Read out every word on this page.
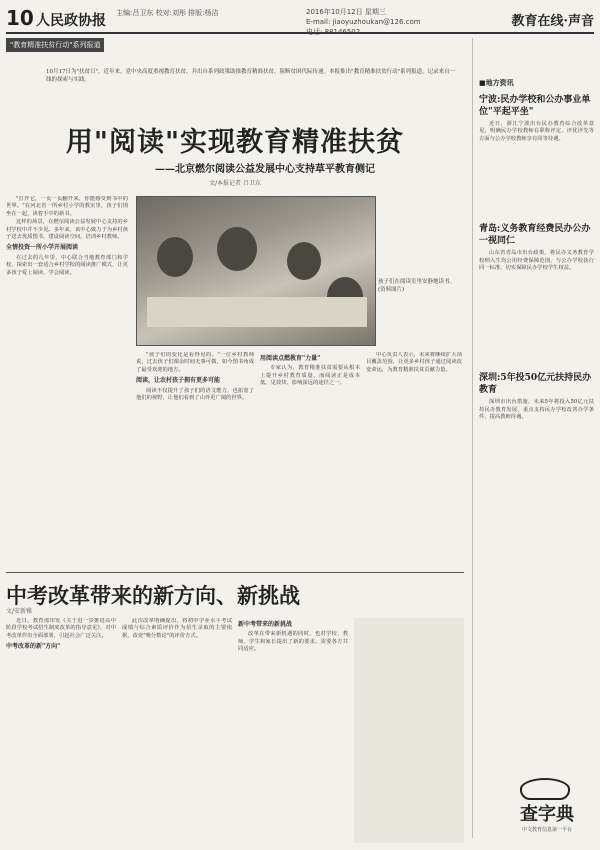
10 人民政协报 主编:吕卫东 校对:刘彤 排版:杨洁	2016年10月12日 星期三
E-mail: jiaoyuzhoukan@126.com
电话: 88146502
教育在线·声音
"教育精准扶贫行动"系列报道
10月17日为"扶贫日"。近年来，党中央高度重视教育扶贫，并出台系列政策助推教育精准扶贫，阻断贫困代际传递。本报推出"教育精准扶贫行动"系列报道，记录来自一线的探索与实践。
用"阅读"实现教育精准扶贫
——北京燃尔阅读公益发展中心支持草平教育侧记
文/本报记者 吕卫东

"打开它，一页一页翻开来，你能感受到书中的世界。"在河北省一所乡村小学的教室里，孩子们围坐在一起，读着手中的新书。

这样的场景，在燃尔阅读公益发展中心支持的乡村学校中并不少见。多年来，该中心致力于为乡村孩子送去优质图书，建设阅读空间，培训乡村教师。

全情投资一所小学开展阅读

在过去的几年里，中心联合当地教育部门和学校，探索出一套适合乡村学校的阅读推广模式，让更多孩子爱上阅读、学会阅读。

孩子们在阅读室里安静地读书。(资料图片)

"孩子们的变化是看得见的。"一位乡村教师说，过去孩子们课余时间无事可做，如今图书角成了最受欢迎的地方。

阅读，让农村孩子拥有更多可能

阅读不仅提升了孩子们的语文能力，也拓宽了他们的视野，让他们看到了山外更广阔的世界。

用阅读点燃教育"力量"

专家认为，教育精准扶贫需要从根本上提升乡村教育质量，而阅读正是成本低、见效快、影响深远的途径之一。

中心负责人表示，未来将继续扩大项目覆盖范围，让更多乡村孩子通过阅读改变命运，为教育精准扶贫贡献力量。

中考改革带来的新方向、新挑战
文/安新雅

近日，教育部印发《关于进一步推进高中阶段学校考试招生制度改革的指导意见》，对中考改革作出全面部署，引起社会广泛关注。

中考改革的新"方向"

此次改革明确提出，将初中学业水平考试成绩与综合素质评价作为招生录取的主要依据，改变"唯分数论"的评价方式。

新中考带来的新挑战

改革在带来新机遇的同时，也对学校、教师、学生和家长提出了新的要求，需要各方共同适应。

■地方资讯
宁波:民办学校和公办事业单位"平起平坐"

近日，浙江宁波出台民办教育综合改革意见，明确民办学校教师在职称评定、评优评先等方面与公办学校教师享有同等待遇。

青岛:义务教育经费民办公办一视同仁

山东省青岛市出台政策，将民办义务教育学校纳入生均公用经费保障范围，与公办学校执行同一标准，切实保障民办学校学生权益。

深圳:5年投50亿元扶持民办教育

深圳市出台措施，未来5年将投入50亿元扶持民办教育发展，重点支持民办学校改善办学条件、提高教师待遇。

查字典
中文教育信息第一平台
